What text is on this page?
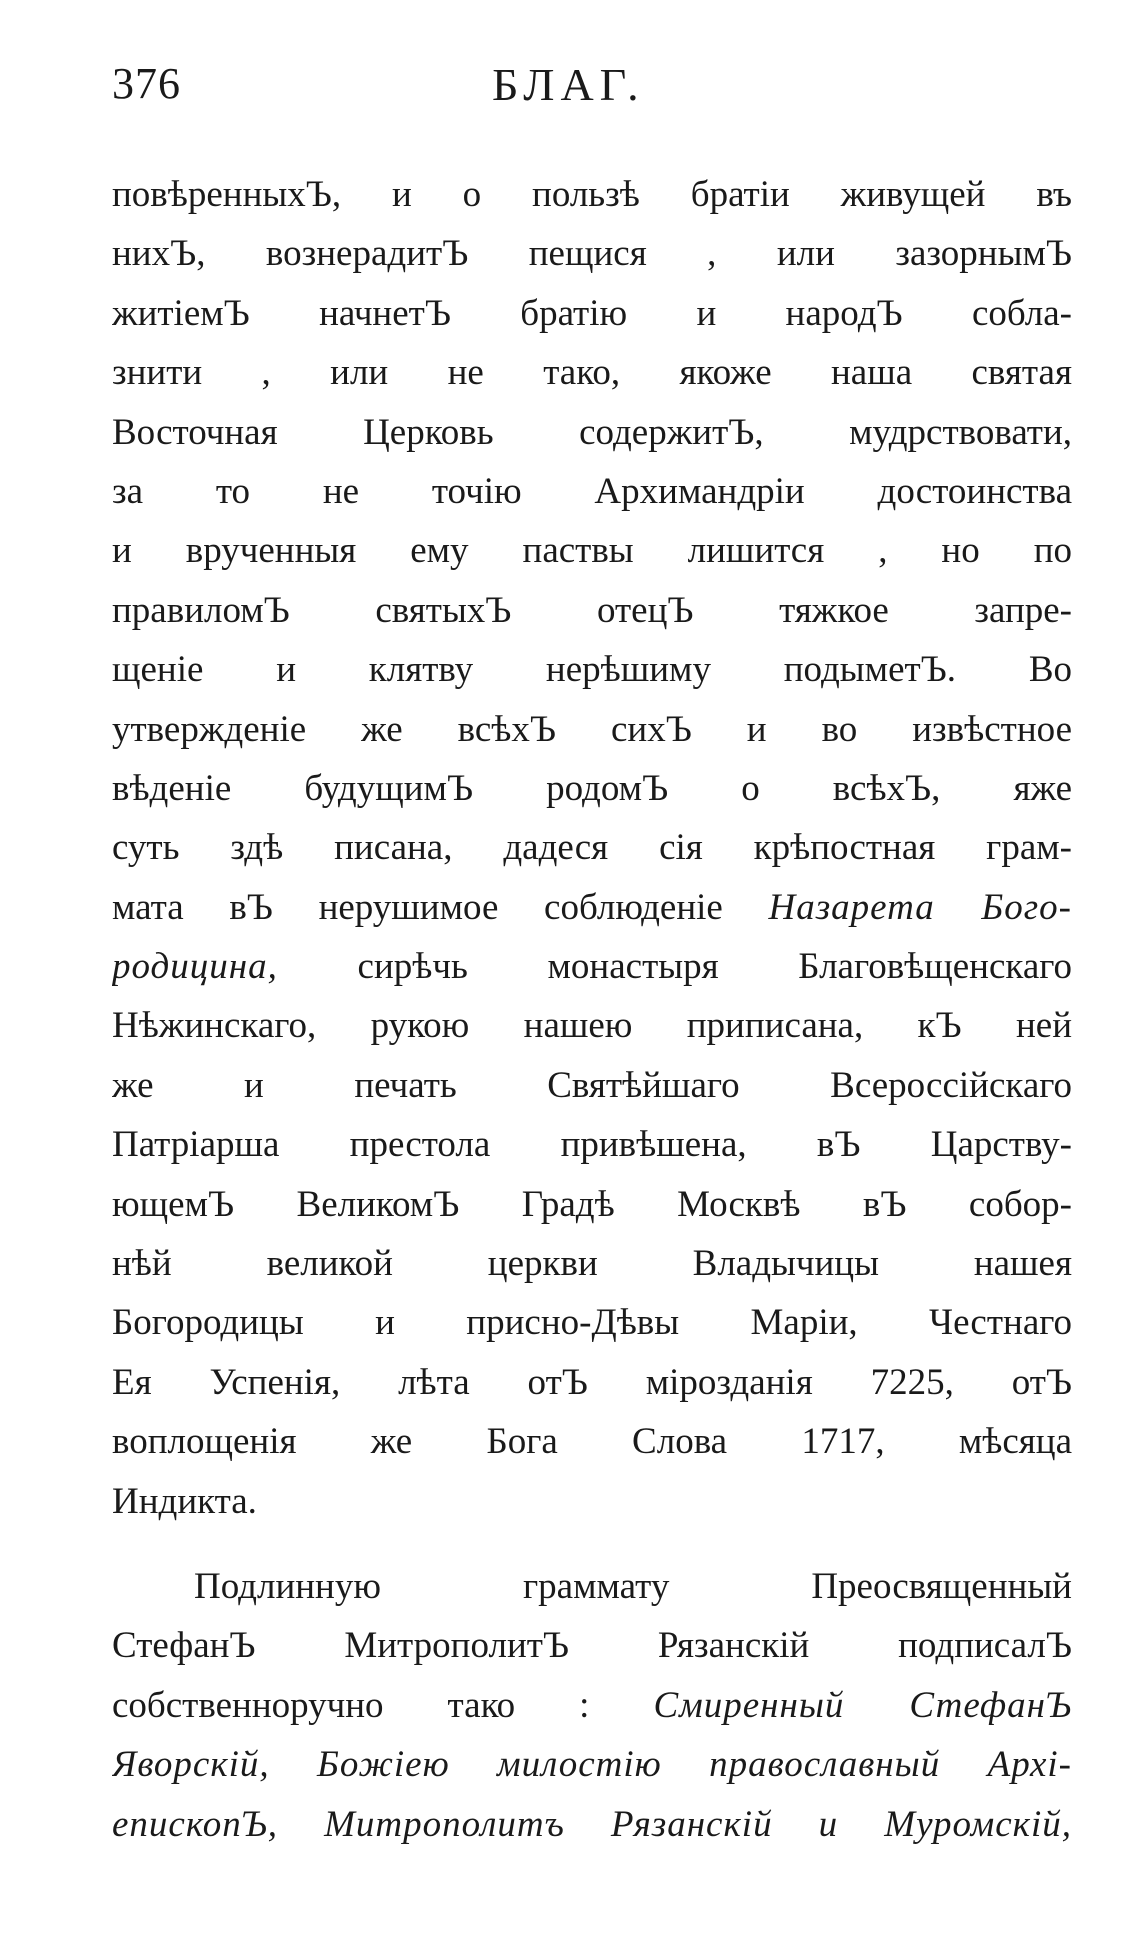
376	БЛАГ.
повѣренныхЪ, и о пользѣ братіи живущей въ
нихЪ, вознерадитЪ пещися , или зазорнымЪ
житіемЪ начнетЪ братію и народЪ собла-
знити , или не тако, якоже наша святая
Восточная Церковь содержитЪ, мудрствовати,
за то не точію Архимандріи достоинства
и врученныя ему паствы лишится , но по
правиломЪ святыхЪ отецЪ тяжкое запре-
щеніе и клятву нерѣшиму подыметЪ. Во
утвержденіе же всѣхЪ сихЪ и во извѣстное
вѣденіе будущимЪ родомЪ о всѣхЪ, яже
суть здѣ писана, дадеся сія крѣпостная грам-
мата вЪ нерушимое соблюденіе Назарета Бого-
родицина, сирѣчь монастыря Благовѣщенскаго
Нѣжинскаго, рукою нашею приписана, кЪ ней
же и печать Святѣйшаго Всероссійскаго
Патріарша престола привѣшена, вЪ Царству-
ющемЪ ВеликомЪ Градѣ Москвѣ вЪ собор-
нѣй великой церкви Владычицы нашея
Богородицы и присно-Дѣвы Маріи, Честнаго
Ея Успенія, лѣта отЪ мірозданія 7225, отЪ
воплощенія же Бога Слова 1717, мѣсяца
Индикта.
Подлинную граммату Преосвященный
СтефанЪ МитрополитЪ Рязанскій подписалЪ
собственноручно тако : Смиренный СтефанЪ
Яворскій, Божіею милостію православный Архі-
епископЪ, Митрополитъ Рязанскій и Муромскій,
